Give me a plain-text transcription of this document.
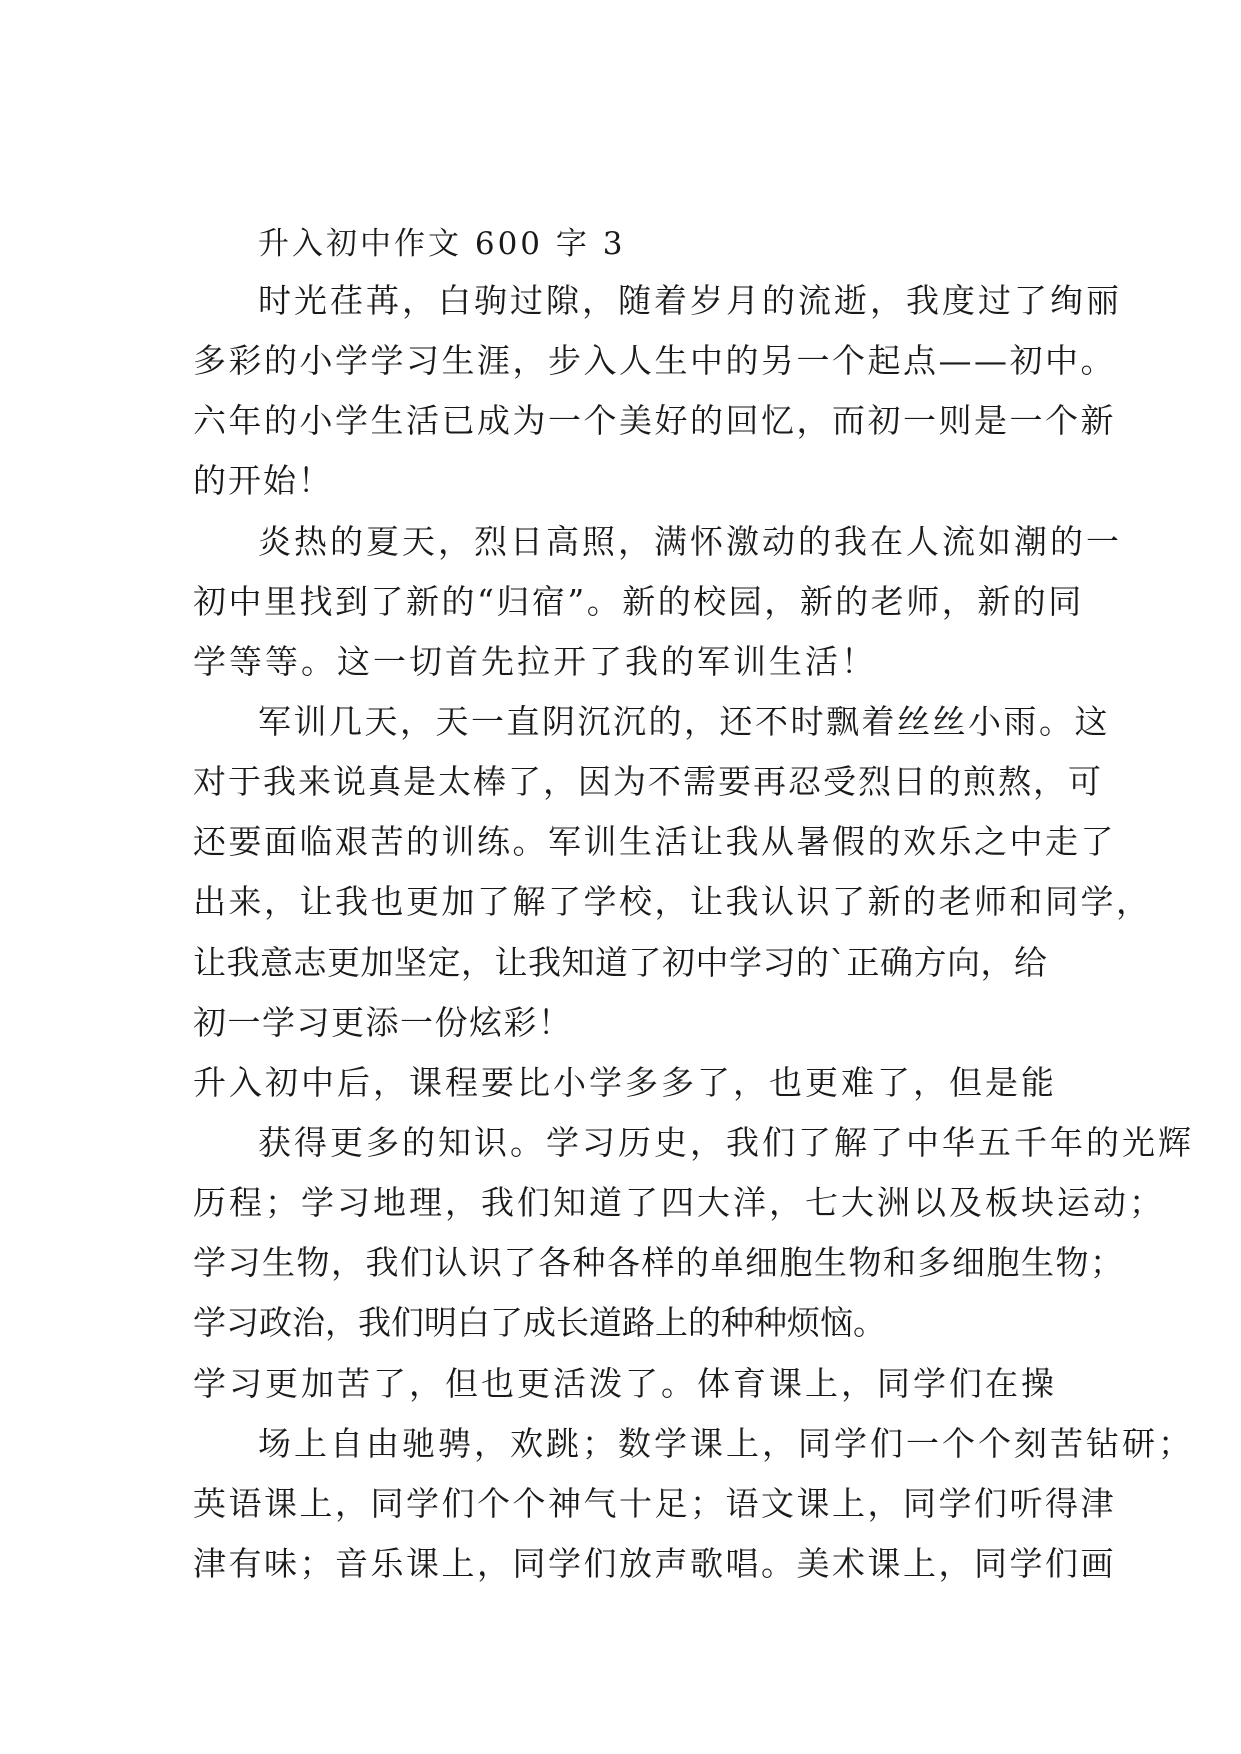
升入初中作文 600 字 3
时光荏苒，白驹过隙，随着岁月的流逝，我度过了绚丽
多彩的小学学习生涯，步入人生中的另一个起点——初中。
六年的小学生活已成为一个美好的回忆，而初一则是一个新
的开始！
炎热的夏天，烈日高照，满怀激动的我在人流如潮的一
初中里找到了新的“归宿”。新的校园，新的老师，新的同
学等等。这一切首先拉开了我的军训生活！
军训几天，天一直阴沉沉的，还不时飘着丝丝小雨。这
对于我来说真是太棒了，因为不需要再忍受烈日的煎熬，可
还要面临艰苦的训练。军训生活让我从暑假的欢乐之中走了
出来，让我也更加了解了学校，让我认识了新的老师和同学，
让我意志更加坚定，让我知道了初中学习的`正确方向，给
初一学习更添一份炫彩！
升入初中后，课程要比小学多多了，也更难了，但是能
获得更多的知识。学习历史，我们了解了中华五千年的光辉
历程；学习地理，我们知道了四大洋，七大洲以及板块运动；
学习生物，我们认识了各种各样的单细胞生物和多细胞生物；
学习政治，我们明白了成长道路上的种种烦恼。
学习更加苦了，但也更活泼了。体育课上，同学们在操
场上自由驰骋，欢跳；数学课上，同学们一个个刻苦钻研；
英语课上，同学们个个神气十足；语文课上，同学们听得津
津有味；音乐课上，同学们放声歌唱。美术课上，同学们画
